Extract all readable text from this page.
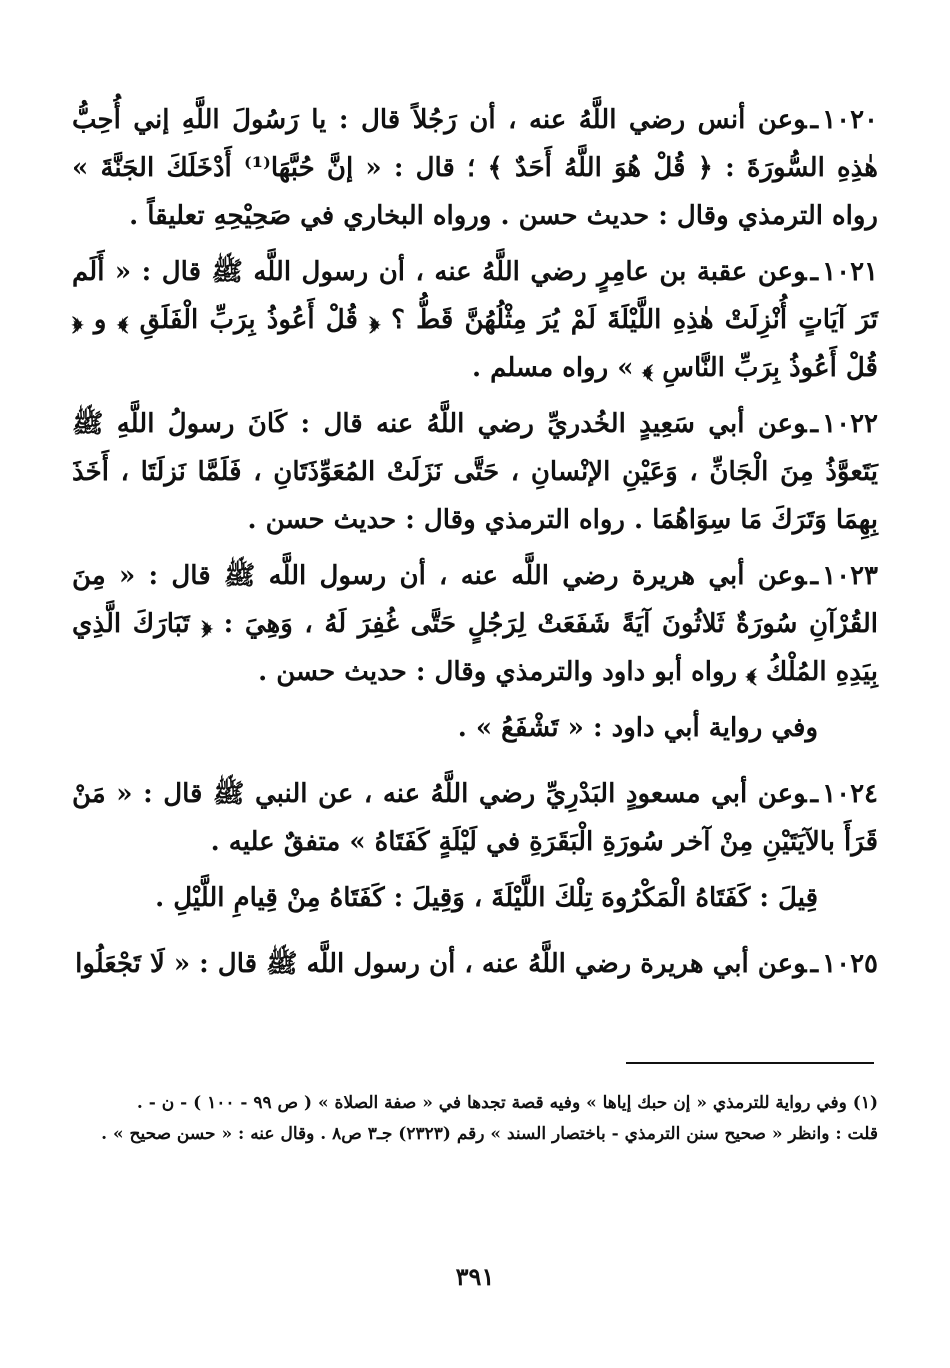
١٠٢٠ـوعن أنس رضي اللَّهُ عنه ، أن رَجُلاً قال : يا رَسُولَ اللَّهِ إني أُحِبُّ هٰذِهِ السُّورَةَ : ﴿ قُلْ هُوَ اللَّهُ أَحَدٌ ﴾ ؛ قال : « إنَّ حُبَّهَا⁽¹⁾ أَدْخَلَكَ الجَنَّةَ » رواه الترمذي وقال : حديث حسن . ورواه البخاري في صَحِيْحِهِ تعليقاً .

١٠٢١ـوعن عقبة بن عامِرٍ رضي اللَّهُ عنه ، أن رسول اللَّه ﷺ قال : « أَلَم تَرَ آيَاتٍ أُنْزِلَتْ هٰذِهِ اللَّيْلَةَ لَمْ يُرَ مِثْلُهُنَّ قَطُّ ؟ ﴿ قُلْ أَعُوذُ بِرَبِّ الْفَلَقِ ﴾ و ﴿ قُلْ أَعُوذُ بِرَبِّ النَّاسِ ﴾ » رواه مسلم .

١٠٢٢ـوعن أبي سَعِيدٍ الخُدريِّ رضي اللَّهُ عنه قال : كَانَ رسولُ اللَّهِ ﷺ يَتَعوَّذُ مِنَ الْجَانِّ ، وَعَيْنِ الإنْسانِ ، حَتَّى نَزَلَتْ المُعَوِّذَتَانِ ، فَلَمَّا نَزلَتَا ، أَخَذَ بِهِمَا وَتَرَكَ مَا سِوَاهُمَا . رواه الترمذي وقال : حديث حسن .

١٠٢٣ـوعن أبي هريرة رضي اللَّه عنه ، أن رسول اللَّه ﷺ قال : « مِنَ القُرْآنِ سُورَةٌ ثَلاثُونَ آيَةً شَفَعَتْ لِرَجُلٍ حَتَّى غُفِرَ لَهُ ، وَهِيَ : ﴿ تَبَارَكَ الَّذِي بِيَدِهِ المُلْكُ ﴾ رواه أبو داود والترمذي وقال : حديث حسن .

وفي رواية أبي داود : « تَشْفَعُ » .

١٠٢٤ـوعن أبي مسعودٍ البَدْرِيِّ رضي اللَّهُ عنه ، عن النبي ﷺ قال : « مَنْ قَرَأَ بالآيَتَيْنِ مِنْ آخر سُورَةِ الْبَقَرَةِ في لَيْلَةٍ كَفَتَاهُ » متفقٌ عليه .

قِيلَ : كَفَتَاهُ الْمَكْرُوهَ تِلْكَ اللَّيْلَةَ ، وَقِيلَ : كَفَتَاهُ مِنْ قِيامِ اللَّيْلِ .

١٠٢٥ـوعن أبي هريرة رضي اللَّهُ عنه ، أن رسول اللَّه ﷺ قال : « لَا تَجْعَلُوا

(١) وفي رواية للترمذي « إن حبك إياها » وفيه قصة تجدها في « صفة الصلاة » ( ص ٩٩ - ١٠٠ ) - ن - .

قلت : وانظر « صحيح سنن الترمذي - باختصار السند » رقم (٢٣٢٣) جـ٣ ص٨ . وقال عنه : « حسن صحيح » .

٣٩١
